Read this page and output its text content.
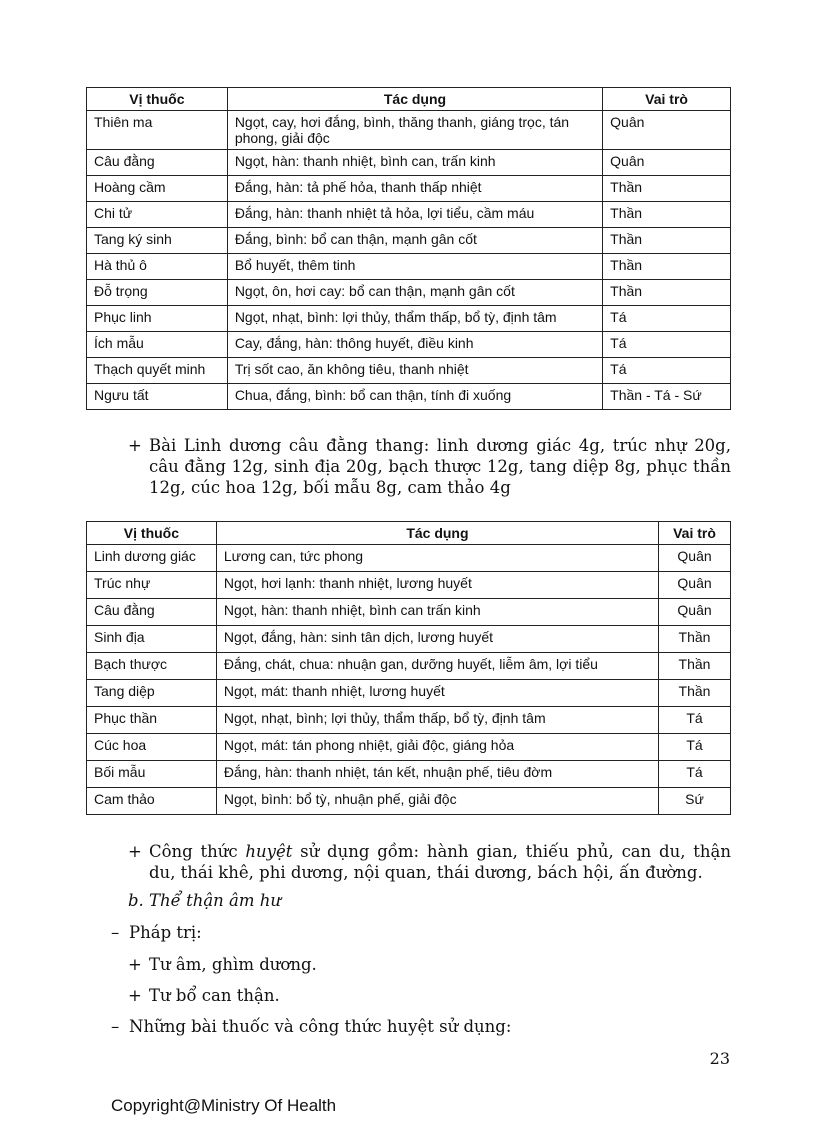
Vị thuốc	Tác dụng	Vai trò
Thiên ma	Ngọt, cay, hơi đắng, bình, thăng thanh, giáng trọc, tán phong, giải độc	Quân
Câu đằng	Ngọt, hàn: thanh nhiệt, bình can, trấn kinh	Quân
Hoàng cầm	Đắng, hàn: tả phế hỏa, thanh thấp nhiệt	Thần
Chi tử	Đắng, hàn: thanh nhiệt tả hỏa, lợi tiểu, cầm máu	Thần
Tang ký sinh	Đắng, bình: bổ can thận, mạnh gân cốt	Thần
Hà thủ ô	Bổ huyết, thêm tinh	Thần
Đỗ trọng	Ngọt, ôn, hơi cay: bổ can thận, mạnh gân cốt	Thần
Phục linh	Ngọt, nhạt, bình: lợi thủy, thẩm thấp, bổ tỳ, định tâm	Tá
Ích mẫu	Cay, đắng, hàn: thông huyết, điều kinh	Tá
Thạch quyết minh	Trị sốt cao, ăn không tiêu, thanh nhiệt	Tá
Ngưu tất	Chua, đắng, bình: bổ can thận, tính đi xuống	Thần - Tá - Sứ
+ Bài Linh dương câu đằng thang: linh dương giác 4g, trúc nhự 20g, câu đằng 12g, sinh địa 20g, bạch thược 12g, tang diệp 8g, phục thần 12g, cúc hoa 12g, bối mẫu 8g, cam thảo 4g
Vị thuốc	Tác dụng	Vai trò
Linh dương giác	Lương can, tức phong	Quân
Trúc nhự	Ngọt, hơi lạnh: thanh nhiệt, lương huyết	Quân
Câu đằng	Ngọt, hàn: thanh nhiệt, bình can trấn kinh	Quân
Sinh địa	Ngọt, đắng, hàn: sinh tân dịch, lương huyết	Thần
Bạch thược	Đắng, chát, chua: nhuận gan, dưỡng huyết, liễm âm, lợi tiểu	Thần
Tang diệp	Ngọt, mát: thanh nhiệt, lương huyết	Thần
Phục thần	Ngọt, nhạt, bình; lợi thủy, thẩm thấp, bổ tỳ, định tâm	Tá
Cúc hoa	Ngọt, mát: tán phong nhiệt, giải độc, giáng hỏa	Tá
Bối mẫu	Đắng, hàn: thanh nhiệt, tán kết, nhuận phế, tiêu đờm	Tá
Cam thảo	Ngọt, bình: bổ tỳ, nhuận phế, giải độc	Sứ
+ Công thức huyệt sử dụng gồm: hành gian, thiếu phủ, can du, thận du, thái khê, phi dương, nội quan, thái dương, bách hội, ấn đường.
b. Thể thận âm hư
– Pháp trị:
+ Tư âm, ghìm dương.
+ Tư bổ can thận.
– Những bài thuốc và công thức huyệt sử dụng:
23
Copyright@Ministry Of Health
